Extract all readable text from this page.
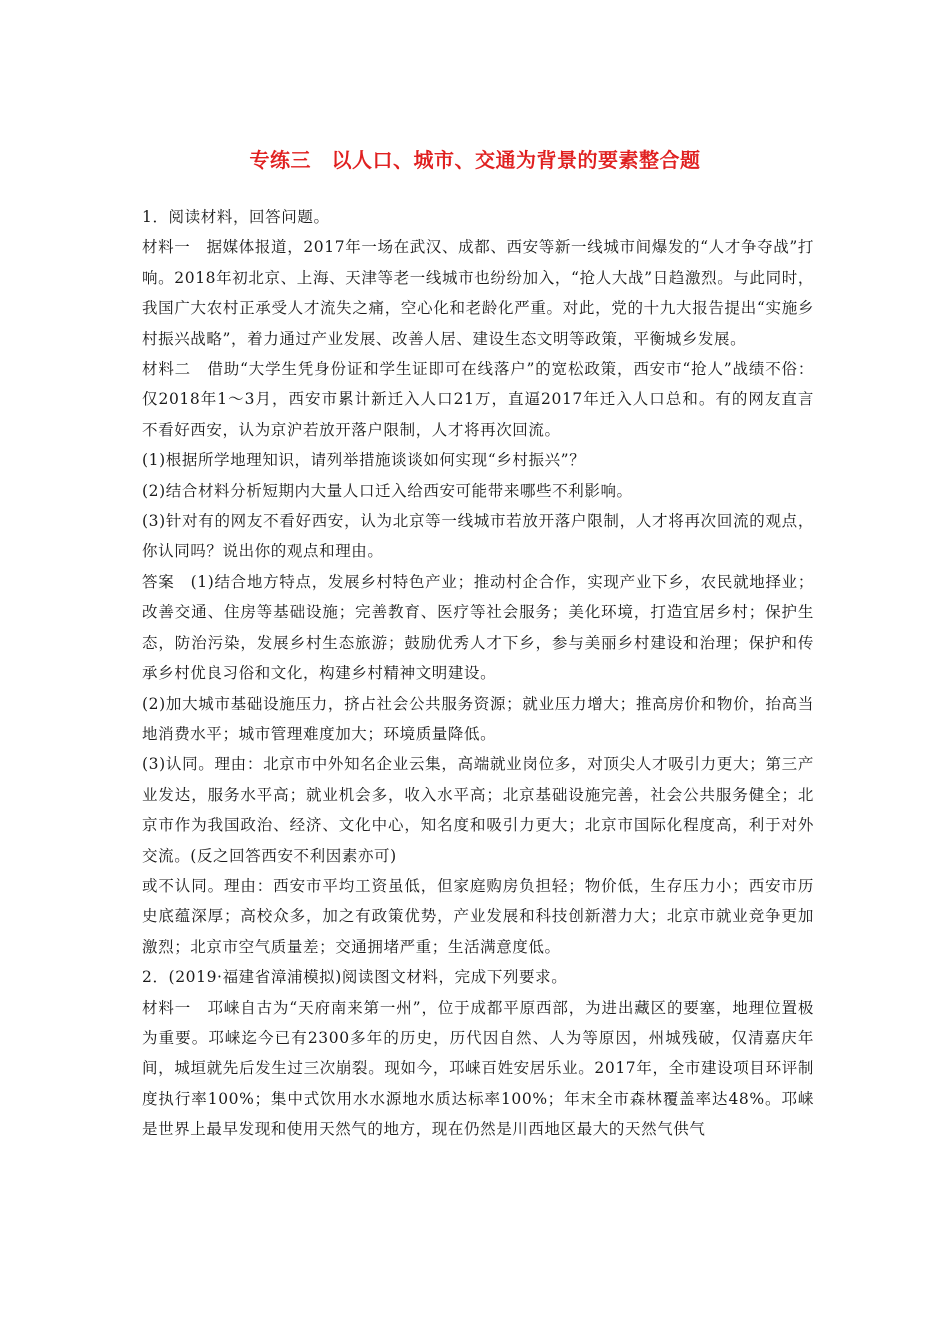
专练三　以人口、城市、交通为背景的要素整合题

1．阅读材料，回答问题。

材料一　据媒体报道，2017年一场在武汉、成都、西安等新一线城市间爆发的“人才争夺战”打响。2018年初北京、上海、天津等老一线城市也纷纷加入，“抢人大战”日趋激烈。与此同时，我国广大农村正承受人才流失之痛，空心化和老龄化严重。对此，党的十九大报告提出“实施乡村振兴战略”，着力通过产业发展、改善人居、建设生态文明等政策，平衡城乡发展。

材料二　借助“大学生凭身份证和学生证即可在线落户”的宽松政策，西安市“抢人”战绩不俗：仅2018年1～3月，西安市累计新迁入人口21万，直逼2017年迁入人口总和。有的网友直言不看好西安，认为京沪若放开落户限制，人才将再次回流。

(1)根据所学地理知识，请列举措施谈谈如何实现“乡村振兴”？

(2)结合材料分析短期内大量人口迁入给西安可能带来哪些不利影响。

(3)针对有的网友不看好西安，认为北京等一线城市若放开落户限制，人才将再次回流的观点，你认同吗？说出你的观点和理由。

答案　(1)结合地方特点，发展乡村特色产业；推动村企合作，实现产业下乡，农民就地择业；改善交通、住房等基础设施；完善教育、医疗等社会服务；美化环境，打造宜居乡村；保护生态，防治污染，发展乡村生态旅游；鼓励优秀人才下乡，参与美丽乡村建设和治理；保护和传承乡村优良习俗和文化，构建乡村精神文明建设。

(2)加大城市基础设施压力，挤占社会公共服务资源；就业压力增大；推高房价和物价，抬高当地消费水平；城市管理难度加大；环境质量降低。

(3)认同。理由：北京市中外知名企业云集，高端就业岗位多，对顶尖人才吸引力更大；第三产业发达，服务水平高；就业机会多，收入水平高；北京基础设施完善，社会公共服务健全；北京市作为我国政治、经济、文化中心，知名度和吸引力更大；北京市国际化程度高，利于对外交流。(反之回答西安不利因素亦可)

或不认同。理由：西安市平均工资虽低，但家庭购房负担轻；物价低，生存压力小；西安市历史底蕴深厚；高校众多，加之有政策优势，产业发展和科技创新潜力大；北京市就业竞争更加激烈；北京市空气质量差；交通拥堵严重；生活满意度低。

2．(2019·福建省漳浦模拟)阅读图文材料，完成下列要求。

材料一　邛崃自古为“天府南来第一州”，位于成都平原西部，为进出藏区的要塞，地理位置极为重要。邛崃迄今已有2300多年的历史，历代因自然、人为等原因，州城残破，仅清嘉庆年间，城垣就先后发生过三次崩裂。现如今，邛崃百姓安居乐业。2017年，全市建设项目环评制度执行率100%；集中式饮用水水源地水质达标率100%；年末全市森林覆盖率达48%。邛崃是世界上最早发现和使用天然气的地方，现在仍然是川西地区最大的天然气供气
